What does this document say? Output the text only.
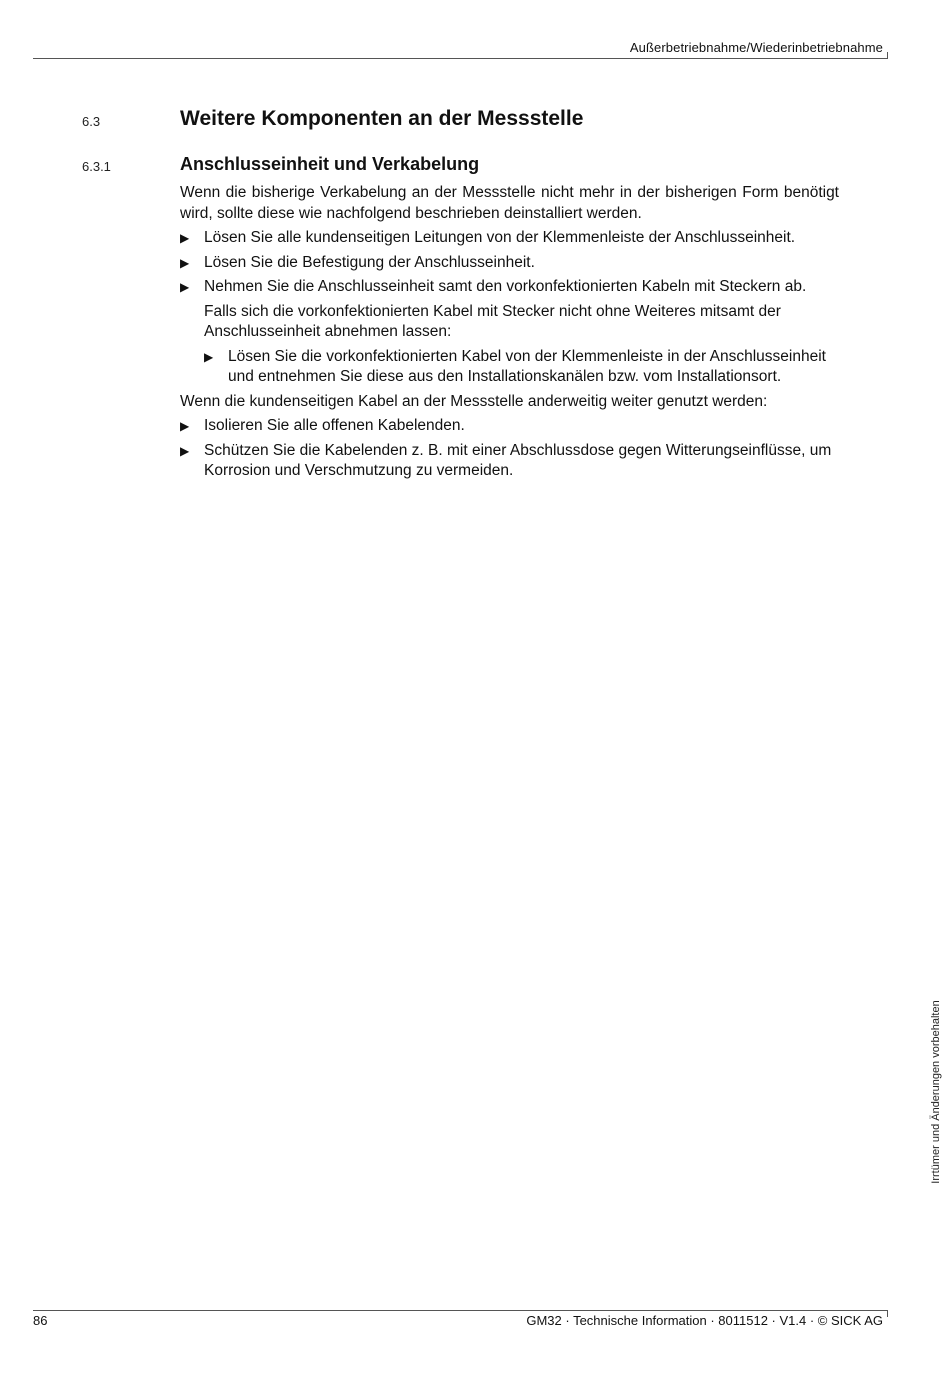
Außerbetriebnahme/Wiederinbetriebnahme
6.3	Weitere Komponenten an der Messstelle
6.3.1	Anschlusseinheit und Verkabelung

Wenn die bisherige Verkabelung an der Messstelle nicht mehr in der bisherigen Form benötigt wird, sollte diese wie nachfolgend beschrieben deinstalliert werden.

▶ Lösen Sie alle kundenseitigen Leitungen von der Klemmenleiste der Anschlusseinheit.
▶ Lösen Sie die Befestigung der Anschlusseinheit.
▶ Nehmen Sie die Anschlusseinheit samt den vorkonfektionierten Kabeln mit Steckern ab.
Falls sich die vorkonfektionierten Kabel mit Stecker nicht ohne Weiteres mitsamt der Anschlusseinheit abnehmen lassen:
▶ Lösen Sie die vorkonfektionierten Kabel von der Klemmenleiste in der Anschlusseinheit und entnehmen Sie diese aus den Installationskanälen bzw. vom Installationsort.

Wenn die kundenseitigen Kabel an der Messstelle anderweitig weiter genutzt werden:

▶ Isolieren Sie alle offenen Kabelenden.
▶ Schützen Sie die Kabelenden z. B. mit einer Abschlussdose gegen Witterungseinflüsse, um Korrosion und Verschmutzung zu vermeiden.
Irrtümer und Änderungen vorbehalten
86	GM32 · Technische Information · 8011512 · V1.4 · © SICK AG
